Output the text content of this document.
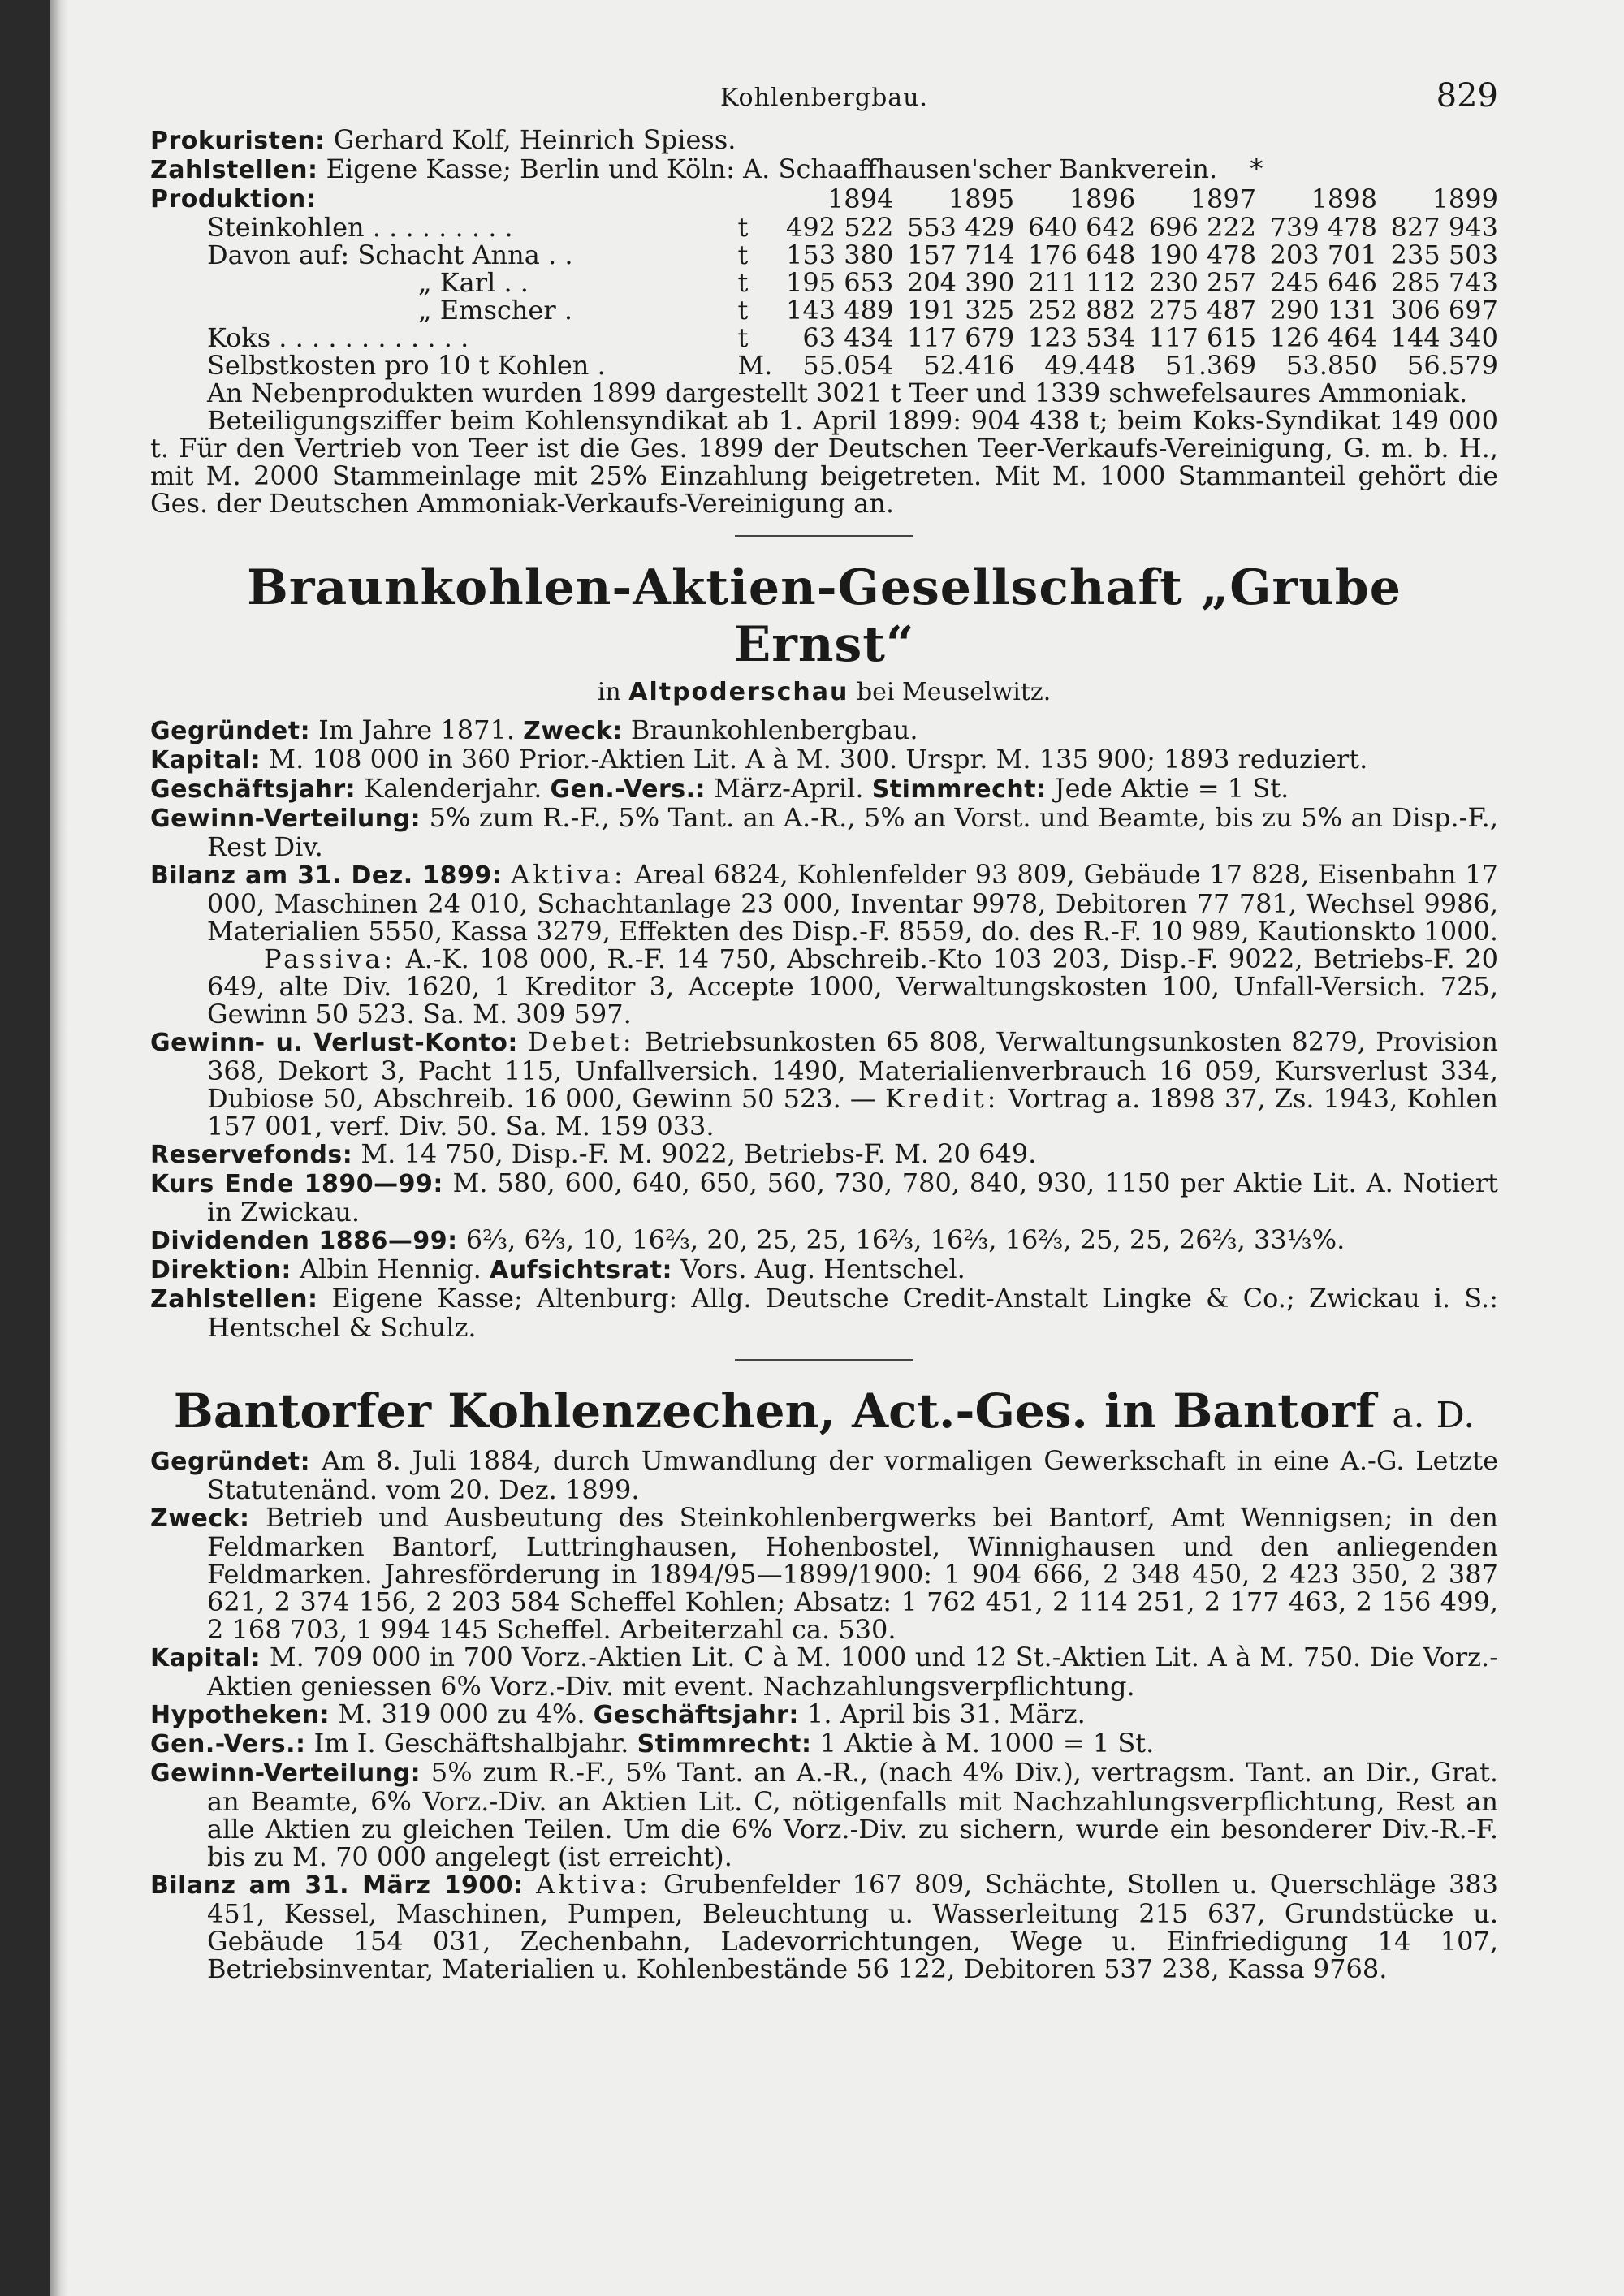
Kohlenbergbau.	829

Prokuristen: Gerhard Kolf, Heinrich Spiess.

Zahlstellen: Eigene Kasse; Berlin und Köln: A. Schaaffhausen'scher Bankverein. *

Produktion:		1894	1895	1896	1897	1898	1899
Steinkohlen . . . . . . . . .	t	492 522	553 429	640 642	696 222	739 478	827 943
Davon auf: Schacht Anna . .	t	153 380	157 714	176 648	190 478	203 701	235 503
„ Karl . .	t	195 653	204 390	211 112	230 257	245 646	285 743
„ Emscher .	t	143 489	191 325	252 882	275 487	290 131	306 697
Koks . . . . . . . . . . . .	t	63 434	117 679	123 534	117 615	126 464	144 340
Selbstkosten pro 10 t Kohlen .	M.	55.054	52.416	49.448	51.369	53.850	56.579

An Nebenprodukten wurden 1899 dargestellt 3021 t Teer und 1339 schwefelsaures Ammoniak.

Beteiligungsziffer beim Kohlensyndikat ab 1. April 1899: 904 438 t; beim Koks-Syndikat 149 000 t. Für den Vertrieb von Teer ist die Ges. 1899 der Deutschen Teer-Verkaufs-Vereinigung, G. m. b. H., mit M. 2000 Stammeinlage mit 25% Einzahlung beigetreten. Mit M. 1000 Stammanteil gehört die Ges. der Deutschen Ammoniak-Verkaufs-Vereinigung an.

Braunkohlen-Aktien-Gesellschaft „Grube Ernst“
in Altpoderschau bei Meuselwitz.

Gegründet: Im Jahre 1871. Zweck: Braunkohlenbergbau.

Kapital: M. 108 000 in 360 Prior.-Aktien Lit. A à M. 300. Urspr. M. 135 900; 1893 reduziert.

Geschäftsjahr: Kalenderjahr. Gen.-Vers.: März-April. Stimmrecht: Jede Aktie = 1 St.

Gewinn-Verteilung: 5% zum R.-F., 5% Tant. an A.-R., 5% an Vorst. und Beamte, bis zu 5% an Disp.-F., Rest Div.

Bilanz am 31. Dez. 1899: Aktiva: Areal 6824, Kohlenfelder 93 809, Gebäude 17 828, Eisenbahn 17 000, Maschinen 24 010, Schachtanlage 23 000, Inventar 9978, Debitoren 77 781, Wechsel 9986, Materialien 5550, Kassa 3279, Effekten des Disp.-F. 8559, do. des R.-F. 10 989, Kautionskto 1000.

Passiva: A.-K. 108 000, R.-F. 14 750, Abschreib.-Kto 103 203, Disp.-F. 9022, Betriebs-F. 20 649, alte Div. 1620, 1 Kreditor 3, Accepte 1000, Verwaltungskosten 100, Unfall-Versich. 725, Gewinn 50 523. Sa. M. 309 597.

Gewinn- u. Verlust-Konto: Debet: Betriebsunkosten 65 808, Verwaltungsunkosten 8279, Provision 368, Dekort 3, Pacht 115, Unfallversich. 1490, Materialienverbrauch 16 059, Kursverlust 334, Dubiose 50, Abschreib. 16 000, Gewinn 50 523. — Kredit: Vortrag a. 1898 37, Zs. 1943, Kohlen 157 001, verf. Div. 50. Sa. M. 159 033.

Reservefonds: M. 14 750, Disp.-F. M. 9022, Betriebs-F. M. 20 649.

Kurs Ende 1890—99: M. 580, 600, 640, 650, 560, 730, 780, 840, 930, 1150 per Aktie Lit. A. Notiert in Zwickau.

Dividenden 1886—99: 6⅔, 6⅔, 10, 16⅔, 20, 25, 25, 16⅔, 16⅔, 16⅔, 25, 25, 26⅔, 33⅓%.

Direktion: Albin Hennig. Aufsichtsrat: Vors. Aug. Hentschel.

Zahlstellen: Eigene Kasse; Altenburg: Allg. Deutsche Credit-Anstalt Lingke & Co.; Zwickau i. S.: Hentschel & Schulz.

Bantorfer Kohlenzechen, Act.-Ges. in Bantorf a. D.

Gegründet: Am 8. Juli 1884, durch Umwandlung der vormaligen Gewerkschaft in eine A.-G. Letzte Statutenänd. vom 20. Dez. 1899.

Zweck: Betrieb und Ausbeutung des Steinkohlenbergwerks bei Bantorf, Amt Wennigsen; in den Feldmarken Bantorf, Luttringhausen, Hohenbostel, Winnighausen und den anliegenden Feldmarken. Jahresförderung in 1894/95—1899/1900: 1 904 666, 2 348 450, 2 423 350, 2 387 621, 2 374 156, 2 203 584 Scheffel Kohlen; Absatz: 1 762 451, 2 114 251, 2 177 463, 2 156 499, 2 168 703, 1 994 145 Scheffel. Arbeiterzahl ca. 530.

Kapital: M. 709 000 in 700 Vorz.-Aktien Lit. C à M. 1000 und 12 St.-Aktien Lit. A à M. 750. Die Vorz.-Aktien geniessen 6% Vorz.-Div. mit event. Nachzahlungsverpflichtung.

Hypotheken: M. 319 000 zu 4%. Geschäftsjahr: 1. April bis 31. März.

Gen.-Vers.: Im I. Geschäftshalbjahr. Stimmrecht: 1 Aktie à M. 1000 = 1 St.

Gewinn-Verteilung: 5% zum R.-F., 5% Tant. an A.-R., (nach 4% Div.), vertragsm. Tant. an Dir., Grat. an Beamte, 6% Vorz.-Div. an Aktien Lit. C, nötigenfalls mit Nachzahlungsverpflichtung, Rest an alle Aktien zu gleichen Teilen. Um die 6% Vorz.-Div. zu sichern, wurde ein besonderer Div.-R.-F. bis zu M. 70 000 angelegt (ist erreicht).

Bilanz am 31. März 1900: Aktiva: Grubenfelder 167 809, Schächte, Stollen u. Querschläge 383 451, Kessel, Maschinen, Pumpen, Beleuchtung u. Wasserleitung 215 637, Grundstücke u. Gebäude 154 031, Zechenbahn, Ladevorrichtungen, Wege u. Einfriedigung 14 107, Betriebsinventar, Materialien u. Kohlenbestände 56 122, Debitoren 537 238, Kassa 9768.
